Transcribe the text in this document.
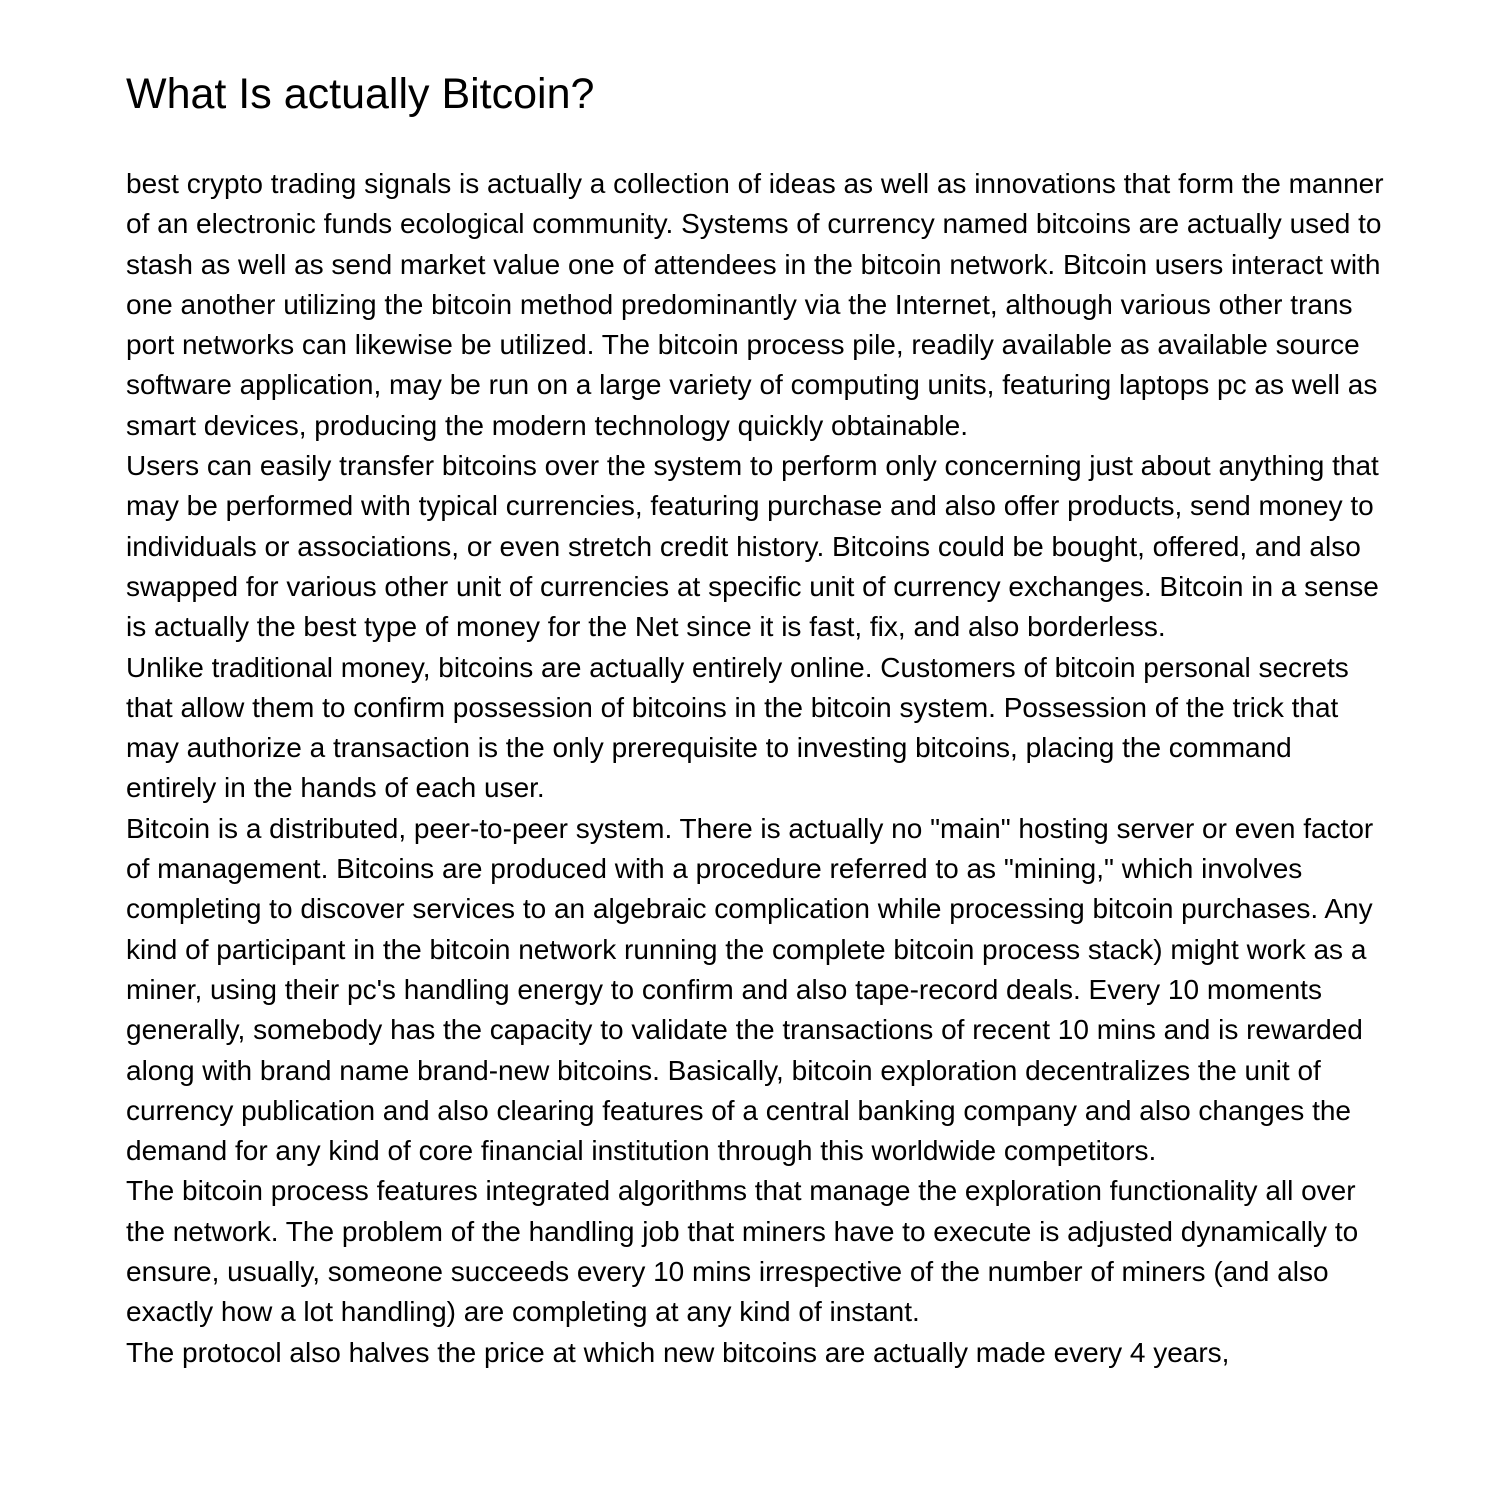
What Is actually Bitcoin?

best crypto trading signals is actually a collection of ideas as well as innovations that form the manner of an electronic funds ecological community. Systems of currency named bitcoins are actually used to stash as well as send market value one of attendees in the bitcoin network. Bitcoin users interact with one another utilizing the bitcoin method predominantly via the Internet, although various other trans port networks can likewise be utilized. The bitcoin process pile, readily available as available source software application, may be run on a large variety of computing units, featuring laptops pc as well as smart devices, producing the modern technology quickly obtainable.

Users can easily transfer bitcoins over the system to perform only concerning just about anything that may be performed with typical currencies, featuring purchase and also offer products, send money to individuals or associations, or even stretch credit history. Bitcoins could be bought, offered, and also swapped for various other unit of currencies at specific unit of currency exchanges. Bitcoin in a sense is actually the best type of money for the Net since it is fast, fix, and also borderless.

Unlike traditional money, bitcoins are actually entirely online. Customers of bitcoin personal secrets that allow them to confirm possession of bitcoins in the bitcoin system. Possession of the trick that may authorize a transaction is the only prerequisite to investing bitcoins, placing the command entirely in the hands of each user.

Bitcoin is a distributed, peer-to-peer system. There is actually no "main" hosting server or even factor of management. Bitcoins are produced with a procedure referred to as "mining," which involves completing to discover services to an algebraic complication while processing bitcoin purchases. Any kind of participant in the bitcoin network running the complete bitcoin process stack) might work as a miner, using their pc's handling energy to confirm and also tape-record deals. Every 10 moments generally, somebody has the capacity to validate the transactions of recent 10 mins and is rewarded along with brand name brand-new bitcoins. Basically, bitcoin exploration decentralizes the unit of currency publication and also clearing features of a central banking company and also changes the demand for any kind of core financial institution through this worldwide competitors.

The bitcoin process features integrated algorithms that manage the exploration functionality all over the network. The problem of the handling job that miners have to execute is adjusted dynamically to ensure, usually, someone succeeds every 10 mins irrespective of the number of miners (and also exactly how a lot handling) are completing at any kind of instant.

The protocol also halves the price at which new bitcoins are actually made every 4 years,
